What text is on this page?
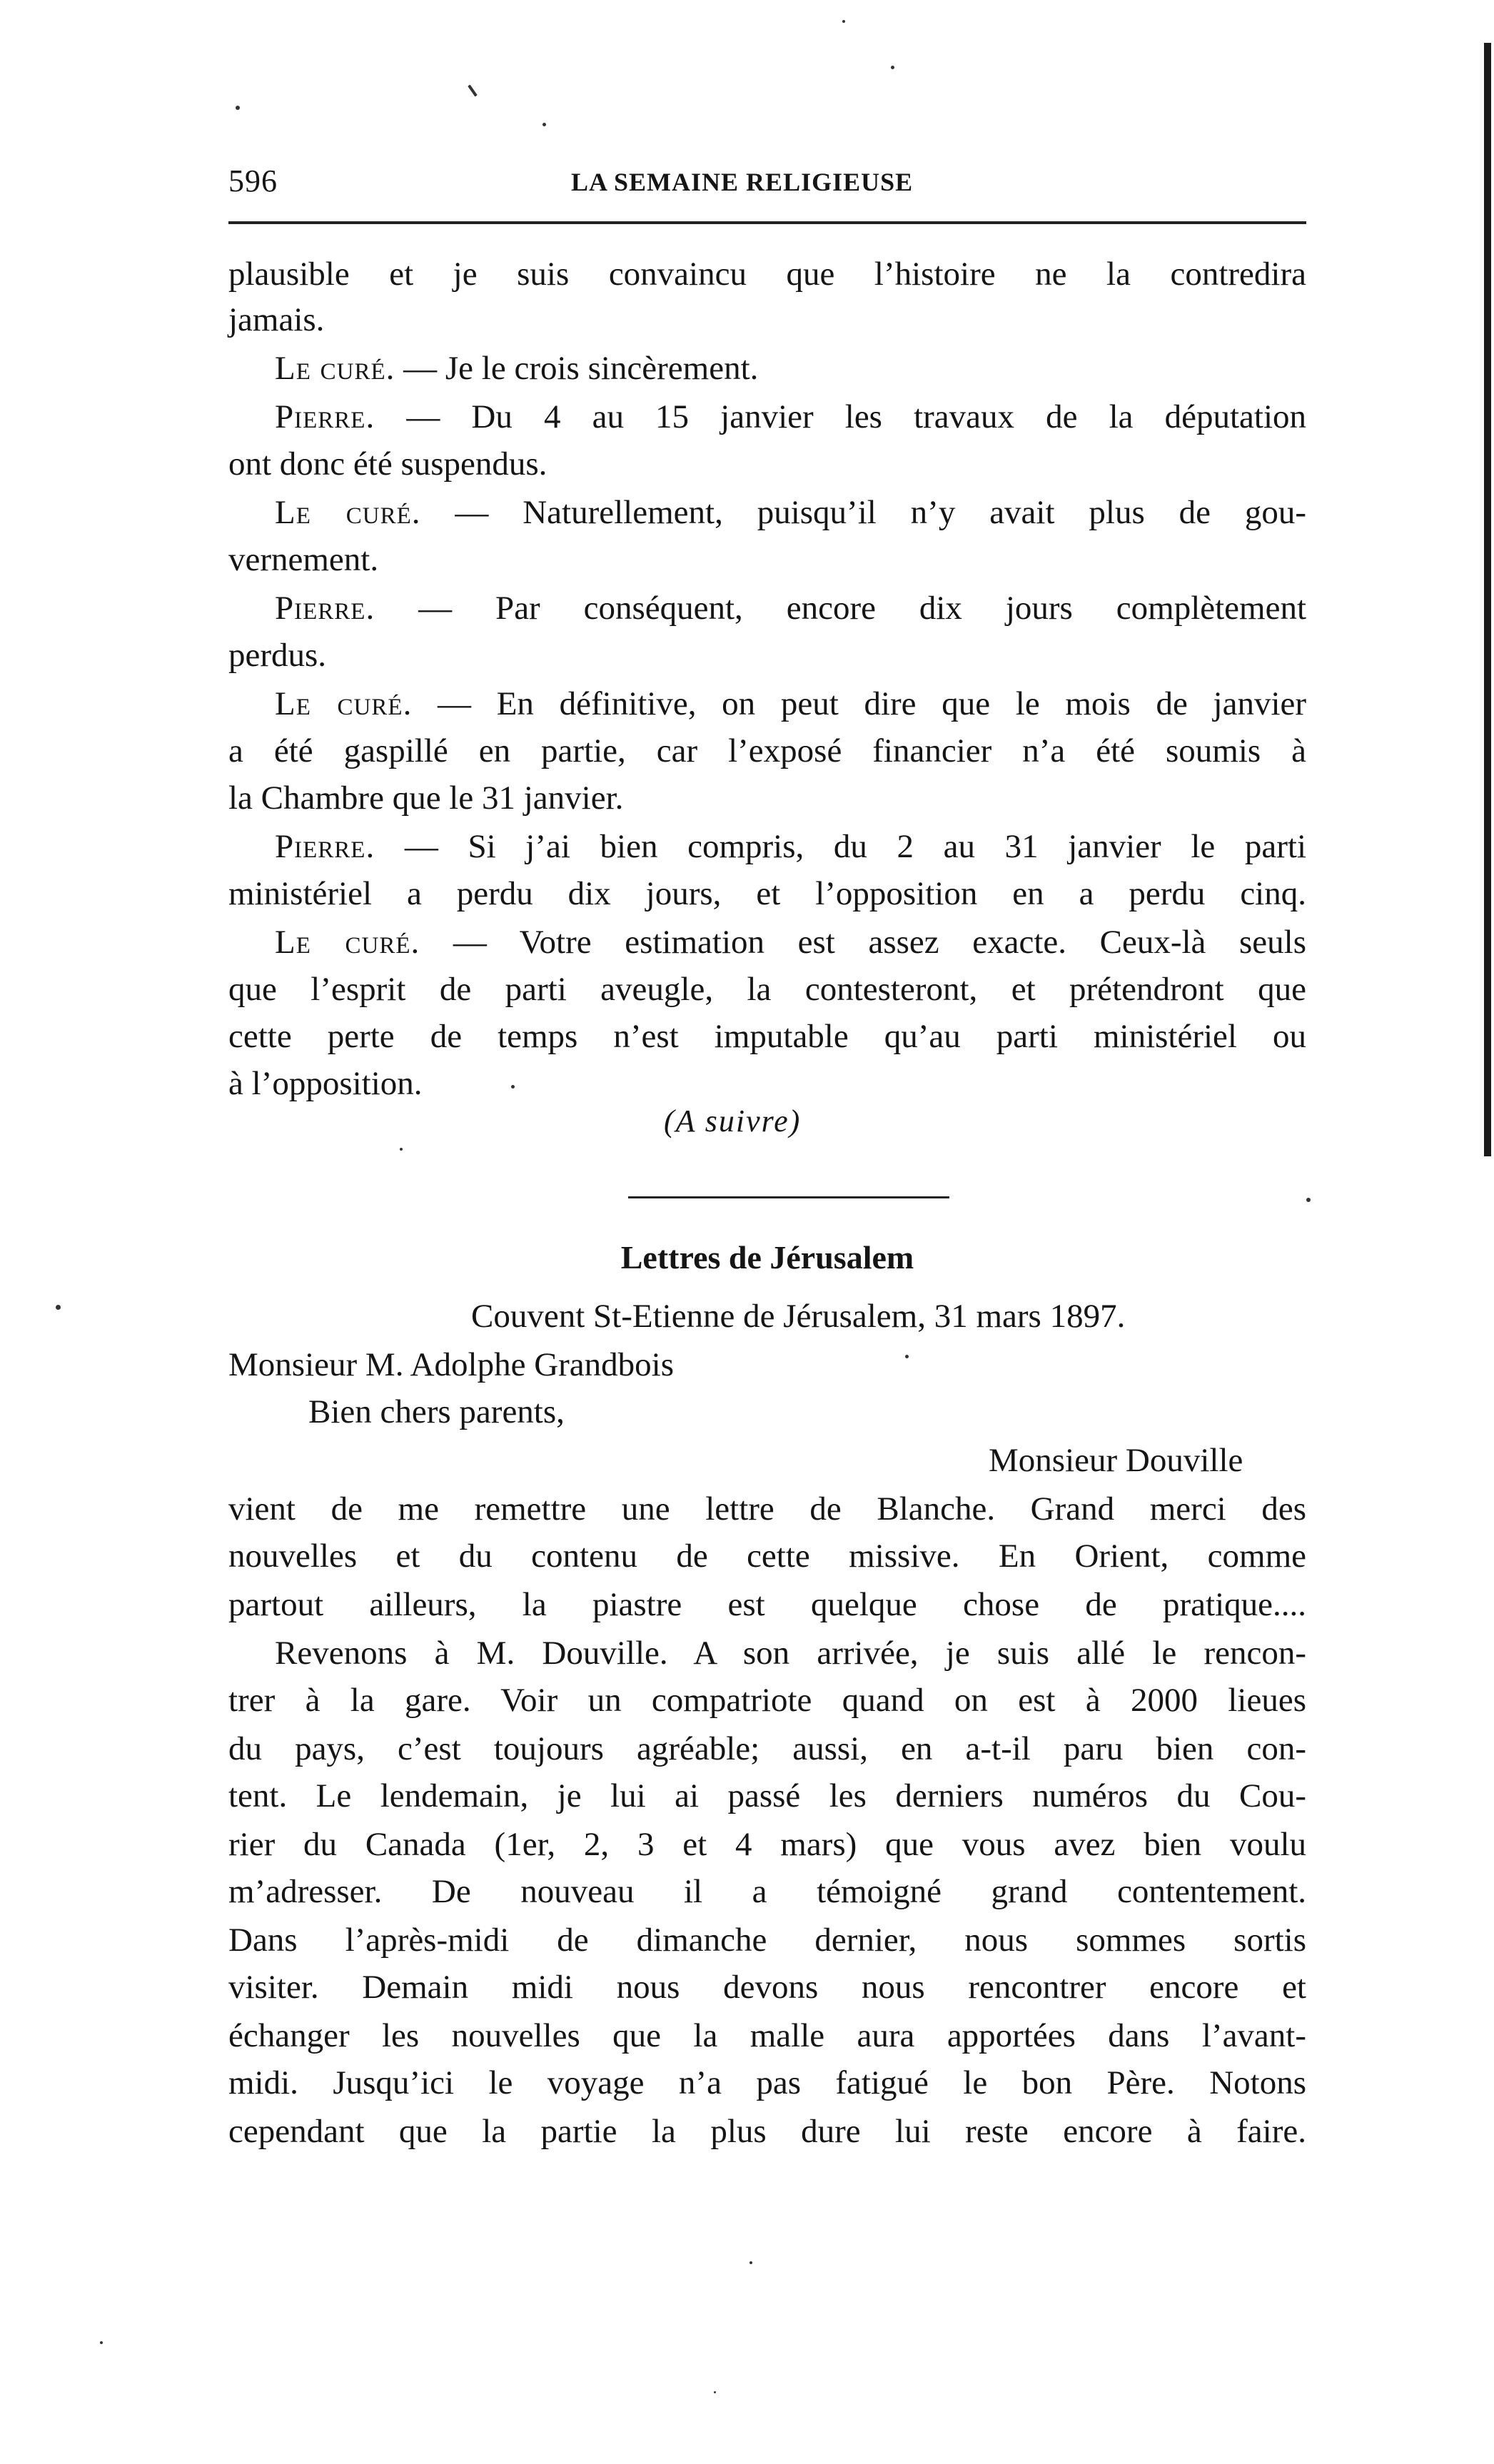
596	LA SEMAINE RELIGIEUSE
plausible et je suis convaincu que l’histoire ne la contredira
jamais.
Le curé. — Je le crois sincèrement.
Pierre. — Du 4 au 15 janvier les travaux de la députation
ont donc été suspendus.
Le curé. — Naturellement, puisqu’il n’y avait plus de gou-
vernement.
Pierre. — Par conséquent, encore dix jours complètement
perdus.
Le curé. — En définitive, on peut dire que le mois de janvier
a été gaspillé en partie, car l’exposé financier n’a été soumis à
la Chambre que le 31 janvier.
Pierre. — Si j’ai bien compris, du 2 au 31 janvier le parti
ministériel a perdu dix jours, et l’opposition en a perdu cinq.
Le curé. — Votre estimation est assez exacte. Ceux-là seuls
que l’esprit de parti aveugle, la contesteront, et prétendront que
cette perte de temps n’est imputable qu’au parti ministériel ou
à l’opposition.
(A suivre)
Lettres de Jérusalem
Couvent St-Etienne de Jérusalem, 31 mars 1897.
Monsieur M. Adolphe Grandbois
Bien chers parents,
Monsieur Douville
vient de me remettre une lettre de Blanche. Grand merci des
nouvelles et du contenu de cette missive. En Orient, comme
partout ailleurs, la piastre est quelque chose de pratique....
Revenons à M. Douville. A son arrivée, je suis allé le rencon-
trer à la gare. Voir un compatriote quand on est à 2000 lieues
du pays, c’est toujours agréable; aussi, en a-t-il paru bien con-
tent. Le lendemain, je lui ai passé les derniers numéros du Cou-
rier du Canada (1er, 2, 3 et 4 mars) que vous avez bien voulu
m’adresser. De nouveau il a témoigné grand contentement.
Dans l’après-midi de dimanche dernier, nous sommes sortis
visiter. Demain midi nous devons nous rencontrer encore et
échanger les nouvelles que la malle aura apportées dans l’avant-
midi. Jusqu’ici le voyage n’a pas fatigué le bon Père. Notons
cependant que la partie la plus dure lui reste encore à faire.
